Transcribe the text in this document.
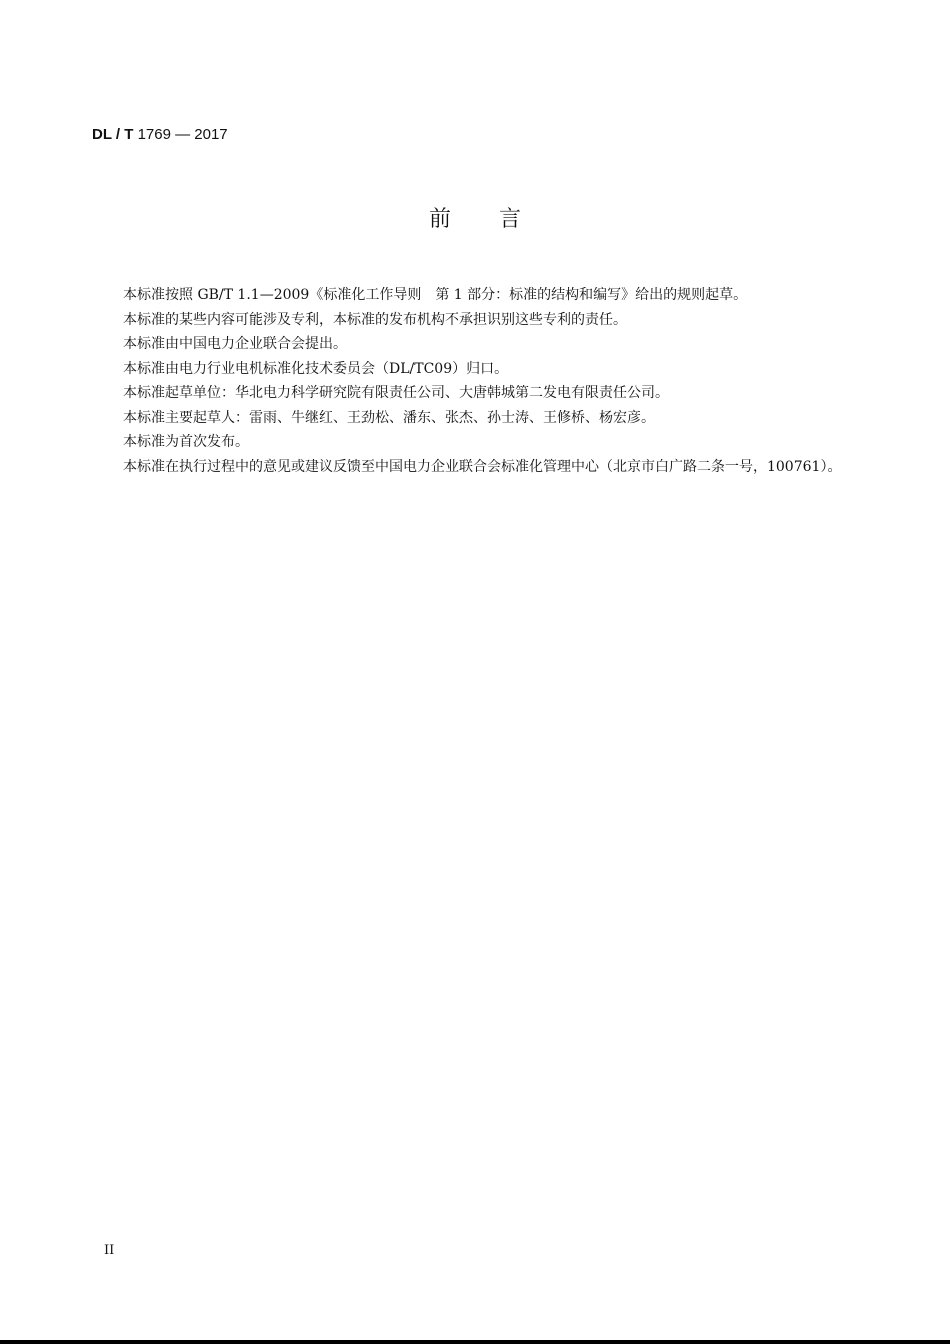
DL / T 1769 — 2017
前言

本标准按照 GB/T 1.1—2009《标准化工作导则　第 1 部分：标准的结构和编写》给出的规则起草。

本标准的某些内容可能涉及专利，本标准的发布机构不承担识别这些专利的责任。

本标准由中国电力企业联合会提出。

本标准由电力行业电机标准化技术委员会（DL/TC09）归口。

本标准起草单位：华北电力科学研究院有限责任公司、大唐韩城第二发电有限责任公司。

本标准主要起草人：雷雨、牛继红、王劲松、潘东、张杰、孙士涛、王修桥、杨宏彦。

本标准为首次发布。

本标准在执行过程中的意见或建议反馈至中国电力企业联合会标准化管理中心（北京市白广路二条一号，100761）。

II
